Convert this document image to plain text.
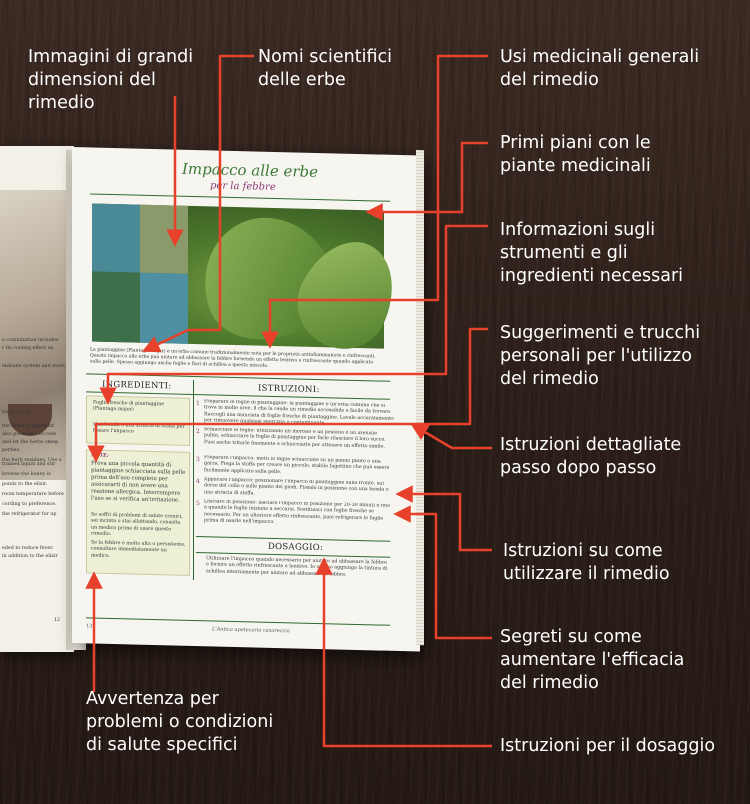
e combination includes
r its cooling effect on
immune system and more
ter to a boil.
the dried peppermint
also possesses its own
and let the herbs steep
perties.
the herb residues. Use a
trained liquid and stir
browse the honey is
ponds to the elixir.
room temperature before
cording to preference.
the refrigerator for up
eded to reduce fever.
in addition to the elixir
12
Impacco alle erbe
per la febbre
La piantaggine (Plantago major) è un'erba comune tradizionalmente nota per le proprietà antinfiammatorie e rinfrescanti. Questo impacco alle erbe può aiutare ad abbassare la febbre fornendo un effetto lenitivo e rinfrescante quando applicato sulla pelle. Spesso aggiungo anche foglie e fiori di achillea a questa miscela.
INGREDIENTI:	ISTRUZIONI:
Foglie fresche di piantaggine (Plantago major)
Una benda o una striscia di stoffa per fissare l'impacco
NOTE:
Prova una piccola quantità di piantaggine schiacciata sulla pelle prima dell'uso completo per assicurarti di non avere una reazione allergica. Interrompere l'uso se si verifica un'irritazione.
Se soffri di problemi di salute cronici, sei incinta o stai allattando, consulta un medico prima di usare questo rimedio.
Se la febbre è molto alta o persistente, consultare immediatamente un medico.
1 Preparare le foglie di piantaggine: la piantaggine è un'erba comune che si trova in molte aree, il che la rende un rimedio accessibile e facile da trovare. Raccogli una manciata di foglie fresche di piantaggine. Lavale accuratamente per rimuovere qualsiasi sporcizia o contaminante.
2 Schiacciare le foglie: utilizzando un mortaio e un pestello o un utensile pulito, schiacciare le foglie di piantaggine per farle rilasciare il loro succo. Puoi anche tritarle finemente e schiacciarle per ottenere un effetto simile.
3 Preparare l'impacco: metti le foglie schiacciate su un panno pulito o una garza. Piega la stoffa per creare un piccolo, stabile fagottino che può essere facilmente applicato sulla pelle.
4 Applicare l'impacco: posizionare l'impacco di piantaggine sulla fronte, sul dorso del collo o sulle piante dei piedi. Fissalo in posizione con una benda o una striscia di stoffa.
5 Lasciare in posizione: lasciare l'impacco in posizione per 20-30 minuti o fino a quando le foglie iniziano a seccarsi. Sostituisci con foglie fresche se necessario. Per un ulteriore effetto rinfrescante, puoi refrigerare le foglie prima di usarle nell'impacco.
DOSAGGIO:
Utilizzare l'impacco quando necessario per aiutare ad abbassare la febbre e fornire un effetto rinfrescante e lenitivo. Io spesso aggiungo la tintura di achillea internamente per aiutare ad abbassare la febbre.
13
L'Antica apotecaria casareccia
Immagini di grandi
dimensioni del
rimedio
Nomi scientifici
delle erbe
Usi medicinali generali
del rimedio
Primi piani con le
piante medicinali
Informazioni sugli
strumenti e gli
ingredienti necessari
Suggerimenti e trucchi
personali per l'utilizzo
del rimedio
Istruzioni dettagliate
passo dopo passo
Istruzioni su come
utilizzare il rimedio
Segreti su come
aumentare l'efficacia
del rimedio
Avvertenza per
problemi o condizioni
di salute specifici	Istruzioni per il dosaggio
